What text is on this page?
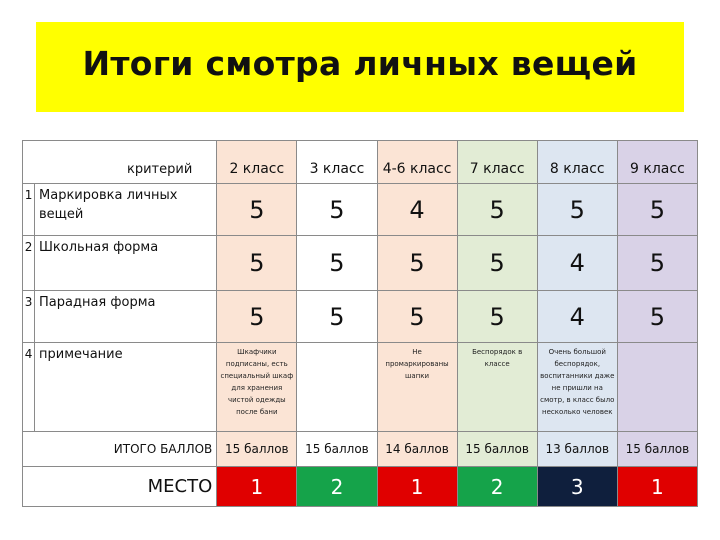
Итоги смотра личных вещей
критерий		2 класс	3 класс	4-6 класс	7 класс	8 класс	9 класс
1	Маркировка личных вещей	5	5	4	5	5	5
2	Школьная форма	5	5	5	5	4	5
3	Парадная форма	5	5	5	5	4	5
4	примечание	Шкафчики подписаны, есть специальный шкаф для хранения чистой одежды после бани		Не промаркированы шапки	Беспорядок в классе	Очень большой беспорядок, воспитанники даже не пришли на смотр, в класс было несколько человек	
ИТОГО БАЛЛОВ		15 баллов	15 баллов	14 баллов	15 баллов	13 баллов	15 баллов
МЕСТО		1	2	1	2	3	1
